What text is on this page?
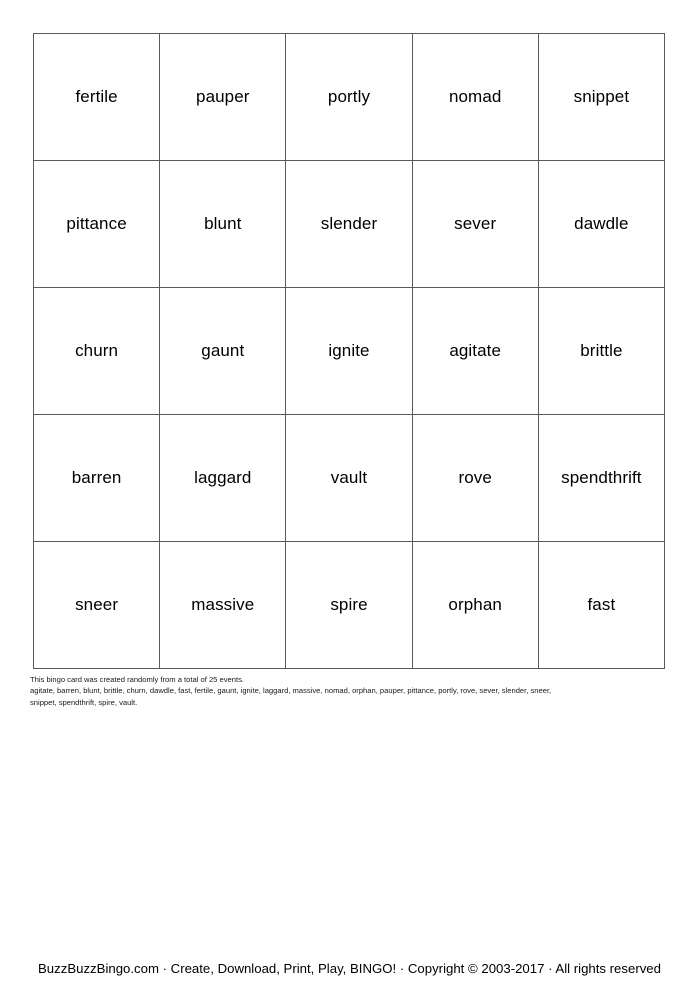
fertile	pauper	portly	nomad	snippet
pittance	blunt	slender	sever	dawdle
churn	gaunt	ignite	agitate	brittle
barren	laggard	vault	rove	spendthrift
sneer	massive	spire	orphan	fast
This bingo card was created randomly from a total of 25 events.
agitate, barren, blunt, brittle, churn, dawdle, fast, fertile, gaunt, ignite, laggard, massive, nomad, orphan, pauper, pittance, portly, rove, sever, slender, sneer,
snippet, spendthrift, spire, vault.
BuzzBuzzBingo.com · Create, Download, Print, Play, BINGO! · Copyright © 2003-2017 · All rights reserved
